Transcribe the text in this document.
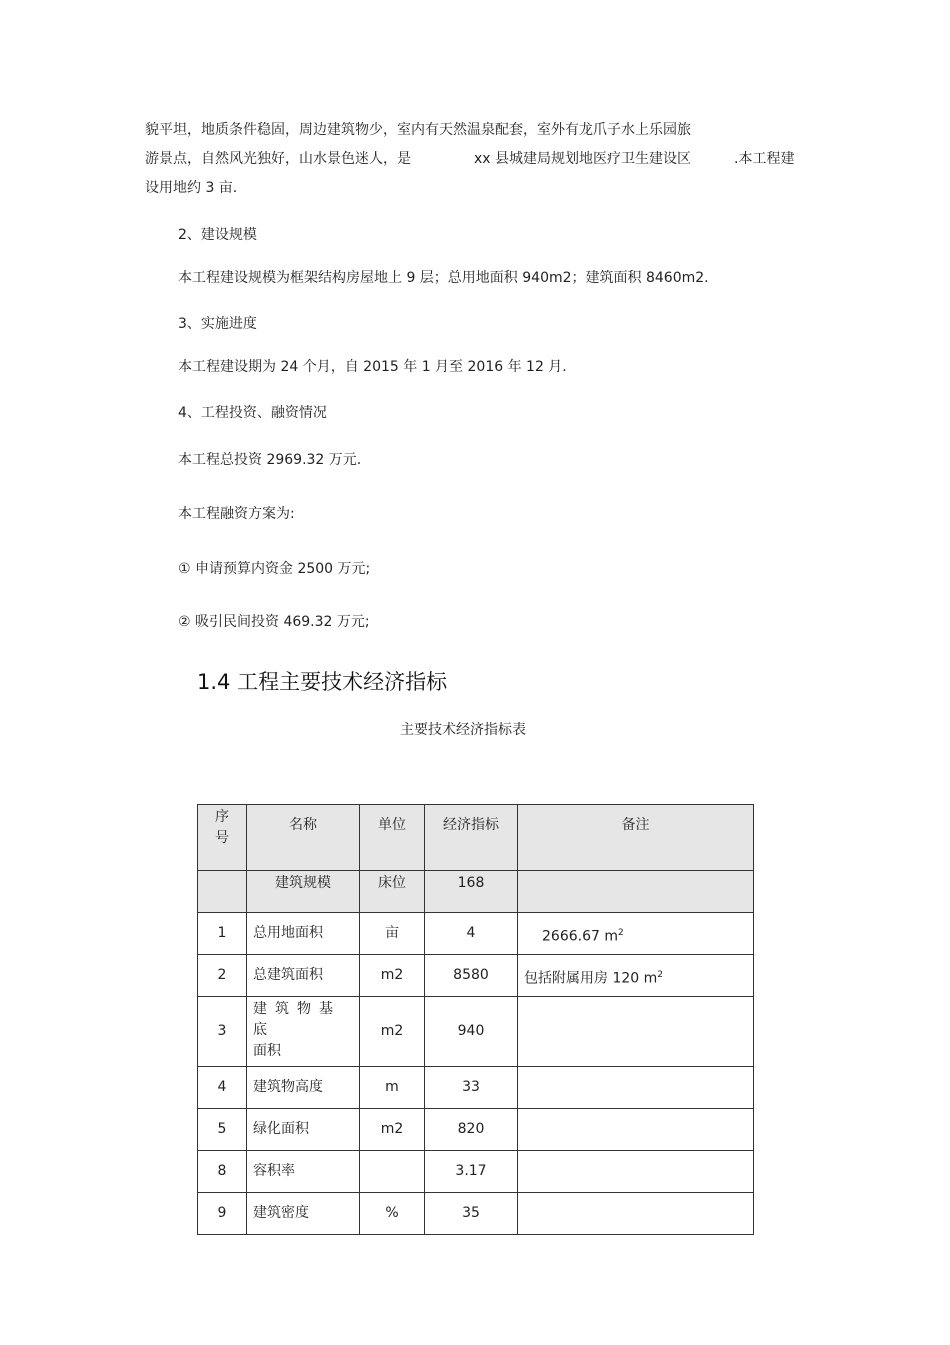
貌平坦，地质条件稳固，周边建筑物少，室内有天然温泉配套，室外有龙爪子水上乐园旅
游景点，自然风光独好，山水景色迷人，是	xx 县城建局规划地医疗卫生建设区	.本工程建
设用地约 3 亩.
2、建设规模
本工程建设规模为框架结构房屋地上 9 层；总用地面积 940m2；建筑面积 8460m2.
3、实施进度
本工程建设期为 24 个月，自 2015 年 1 月至 2016 年 12 月.
4、工程投资、融资情况
本工程总投资 2969.32 万元.
本工程融资方案为:
① 申请预算内资金 2500 万元;
② 吸引民间投资 469.32 万元;
1.4 工程主要技术经济指标
主要技术经济指标表
序
号	名称	单位	经济指标	备注
	建筑规模	床位	168	
1	总用地面积	亩	4	2666.67 $m^2$
2	总建筑面积	m2	8580	包括附属用房 120 $m^2$
3	建筑物基底
面积	m2	940	
4	建筑物高度	m	33	
5	绿化面积	m2	820	
8	容积率		3.17	
9	建筑密度	%	35	
